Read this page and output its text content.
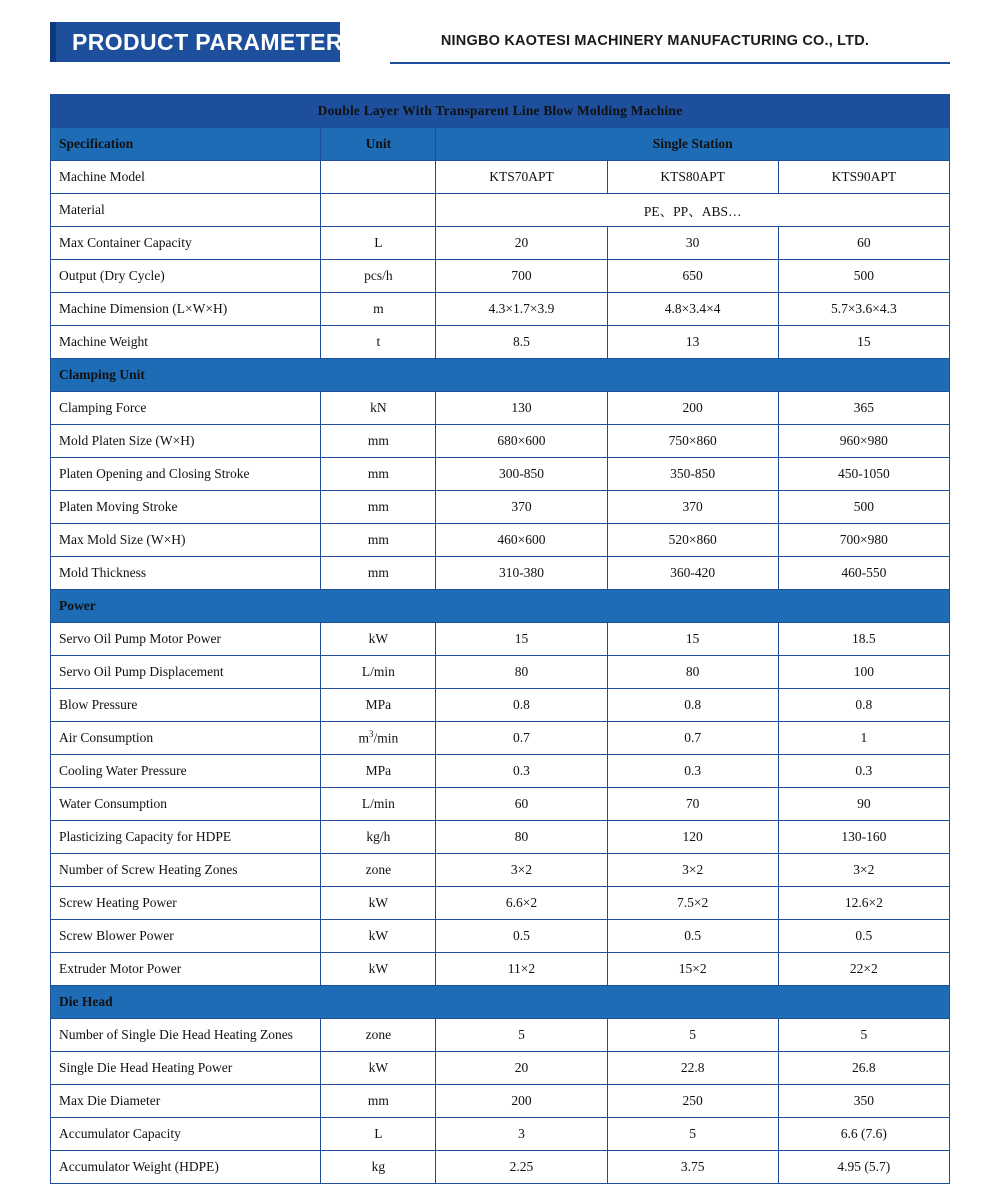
PRODUCT PARAMETER	NINGBO KAOTESI MACHINERY MANUFACTURING CO., LTD.
Double Layer With Transparent Line Blow Molding Machine				
Specification	Unit	Single Station		
Machine Model		KTS70APT	KTS80APT	KTS90APT
Material		PE、PP、ABS…		
Max Container Capacity	L	20	30	60
Output (Dry Cycle)	pcs/h	700	650	500
Machine Dimension (L×W×H)	m	4.3×1.7×3.9	4.8×3.4×4	5.7×3.6×4.3
Machine Weight	t	8.5	13	15
Clamping Unit				
Clamping Force	kN	130	200	365
Mold Platen Size (W×H)	mm	680×600	750×860	960×980
Platen Opening and Closing Stroke	mm	300-850	350-850	450-1050
Platen Moving Stroke	mm	370	370	500
Max Mold Size (W×H)	mm	460×600	520×860	700×980
Mold Thickness	mm	310-380	360-420	460-550
Power				
Servo Oil Pump Motor Power	kW	15	15	18.5
Servo Oil Pump Displacement	L/min	80	80	100
Blow Pressure	MPa	0.8	0.8	0.8
Air Consumption	$m^3/\min$	0.7	0.7	1
Cooling Water Pressure	MPa	0.3	0.3	0.3
Water Consumption	L/min	60	70	90
Plasticizing Capacity for HDPE	kg/h	80	120	130-160
Number of Screw Heating Zones	zone	3×2	3×2	3×2
Screw Heating Power	kW	6.6×2	7.5×2	12.6×2
Screw Blower Power	kW	0.5	0.5	0.5
Extruder Motor Power	kW	11×2	15×2	22×2
Die Head				
Number of Single Die Head Heating Zones	zone	5	5	5
Single Die Head Heating Power	kW	20	22.8	26.8
Max Die Diameter	mm	200	250	350
Accumulator Capacity	L	3	5	6.6 (7.6)
Accumulator Weight (HDPE)	kg	2.25	3.75	4.95 (5.7)
